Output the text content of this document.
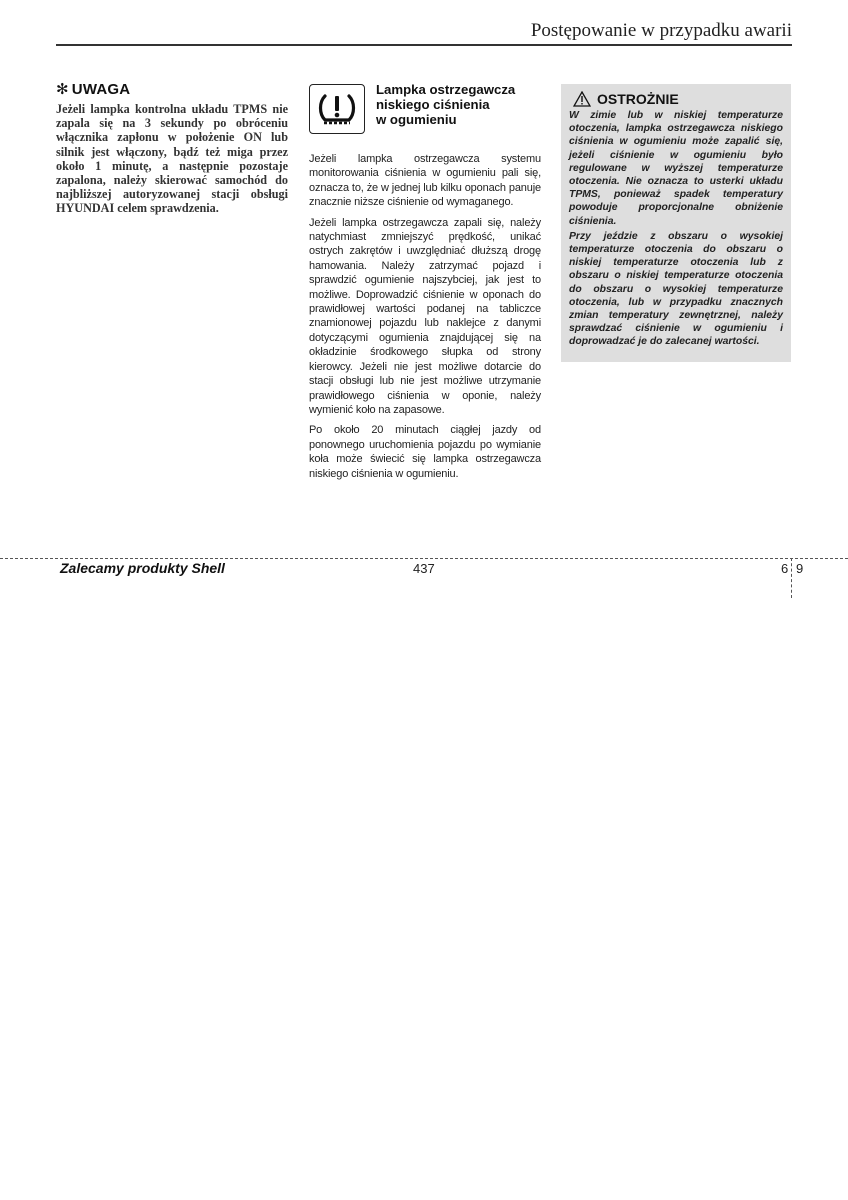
Postępowanie w przypadku awarii
✻ UWAGA

Jeżeli lampka kontrolna układu TPMS nie zapala się na 3 sekundy po obróceniu włącznika zapłonu w położenie ON lub silnik jest włączony, bądź też miga przez około 1 minutę, a następnie pozostaje zapalona, należy skierować samochód do najbliższej autoryzowanej stacji obsługi HYUNDAI celem sprawdzenia.

Lampka ostrzegawcza
niskiego ciśnienia
w ogumieniu

Jeżeli lampka ostrzegawcza systemu monitorowania ciśnienia w ogumieniu pali się, oznacza to, że w jednej lub kilku oponach panuje znacznie niższe ciśnienie od wymaganego.

Jeżeli lampka ostrzegawcza zapali się, należy natychmiast zmniejszyć prędkość, unikać ostrych zakrętów i uwzględniać dłuższą drogę hamowania. Należy zatrzymać pojazd i sprawdzić ogumienie najszybciej, jak jest to możliwe. Doprowadzić ciśnienie w oponach do prawidłowej wartości podanej na tabliczce znamionowej pojazdu lub naklejce z danymi dotyczącymi ogumienia znajdującej się na okładzinie środkowego słupka od strony kierowcy. Jeżeli nie jest możliwe dotarcie do stacji obsługi lub nie jest możliwe utrzymanie prawidłowego ciśnienia w oponie, należy wymienić koło na zapasowe.

Po około 20 minutach ciągłej jazdy od ponownego uruchomienia pojazdu po wymianie koła może świecić się lampka ostrzegawcza niskiego ciśnienia w ogumieniu.

OSTROŻNIE

W zimie lub w niskiej temperaturze otoczenia, lampka ostrzegawcza niskiego ciśnienia w ogumieniu może zapalić się, jeżeli ciśnienie w ogumieniu było regulowane w wyższej temperaturze otoczenia. Nie oznacza to usterki układu TPMS, ponieważ spadek temperatury powoduje proporcjonalne obniżenie ciśnienia.

Przy jeździe z obszaru o wysokiej temperaturze otoczenia do obszaru o niskiej temperaturze otoczenia lub z obszaru o niskiej temperaturze otoczenia do obszaru o wysokiej temperaturze otoczenia, lub w przypadku znacznych zmian temperatury zewnętrznej, należy sprawdzać ciśnienie w ogumieniu i doprowadzać je do zalecanej wartości.

Zalecamy produkty Shell	437	6 9
